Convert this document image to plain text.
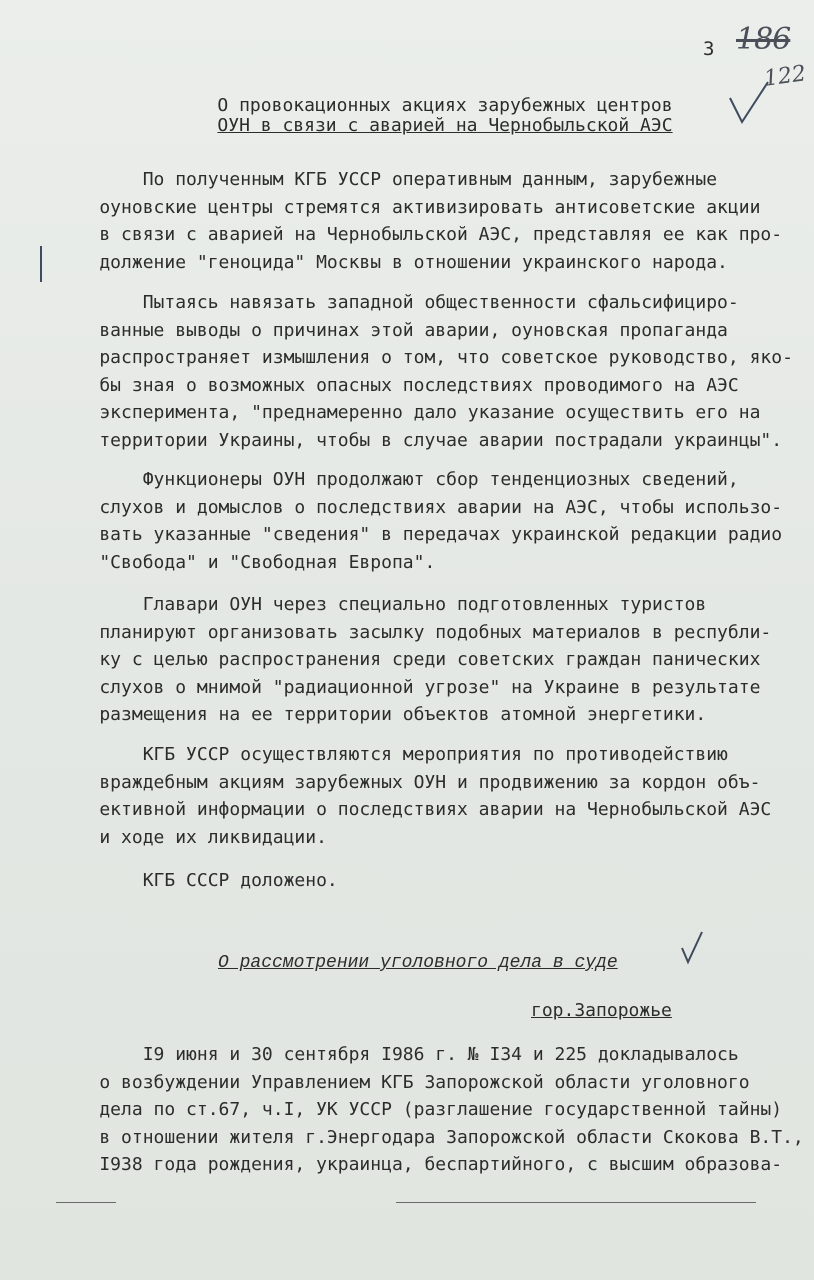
3 186
122
О провокационных акциях зарубежных центров
ОУН в связи с аварией на Чернобыльской АЭС
По полученным КГБ УССР оперативным данным, зарубежные
оуновские центры стремятся активизировать антисоветские акции
в связи с аварией на Чернобыльской АЭС, представляя ее как про-
должение "геноцида" Москвы в отношении украинского народа.
Пытаясь навязать западной общественности сфальсифициро-
ванные выводы о причинах этой аварии, оуновская пропаганда
распространяет измышления о том, что советское руководство, яко-
бы зная о возможных опасных последствиях проводимого на АЭС
эксперимента, "преднамеренно дало указание осуществить его на
территории Украины, чтобы в случае аварии пострадали украинцы".
Функционеры ОУН продолжают сбор тенденциозных сведений,
слухов и домыслов о последствиях аварии на АЭС, чтобы использо-
вать указанные "сведения" в передачах украинской редакции радио
"Свобода" и "Свободная Европа".
Главари ОУН через специально подготовленных туристов
планируют организовать засылку подобных материалов в республи-
ку с целью распространения среди советских граждан панических
слухов о мнимой "радиационной угрозе" на Украине в результате
размещения на ее территории объектов атомной энергетики.
КГБ УССР осуществляются мероприятия по противодействию
враждебным акциям зарубежных ОУН и продвижению за кордон объ-
ективной информации о последствиях аварии на Чернобыльской АЭС
и ходе их ликвидации.
КГБ СССР доложено.
О рассмотрении уголовного дела в суде
гор.Запорожье
I9 июня и 30 сентября I986 г. № I34 и 225 докладывалось
о возбуждении Управлением КГБ Запорожской области уголовного
дела по ст.67, ч.I, УК УССР (разглашение государственной тайны)
в отношении жителя г.Энергодара Запорожской области Скокова В.Т.,
I938 года рождения, украинца, беспартийного, с высшим образова-
